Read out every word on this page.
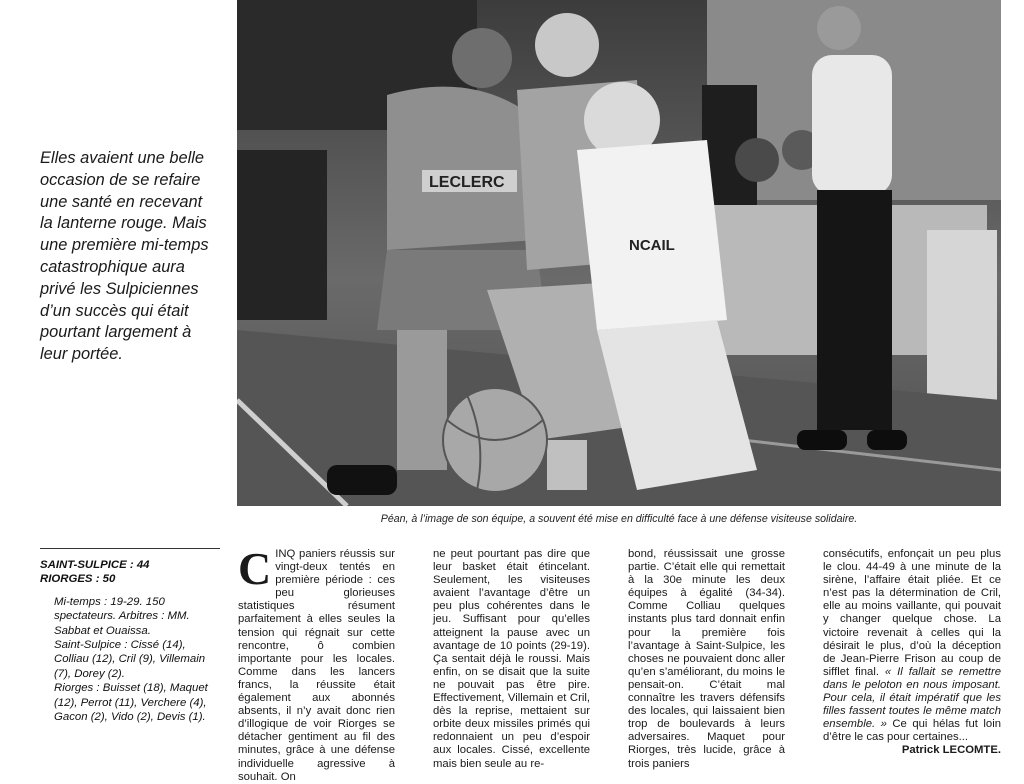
Elles avaient une belle occasion de se refaire une santé en recevant la lanterne rouge. Mais une première mi-temps catastrophique aura privé les Sulpiciennes d’un succès qui était pourtant largement à leur portée.
LECLERC
NCAIL
Péan, à l’image de son équipe, a souvent été mise en difficulté face à une défense visiteuse solidaire.
SAINT-SULPICE : 44
RIORGES : 50

Mi-temps : 19-29. 150 spectateurs. Arbitres : MM. Sabbat et Ouaissa.

Saint-Sulpice : Cissé (14), Colliau (12), Cril (9), Villemain (7), Dorey (2).

Riorges : Buisset (18), Maquet (12), Perrot (11), Verchere (4), Gacon (2), Vido (2), Devis (1).

CINQ paniers réussis sur vingt-deux tentés en première période : ces peu glorieuses statistiques résument parfaitement à elles seules la tension qui régnait sur cette rencontre, ô combien importante pour les locales. Comme dans les lancers francs, la réussite était également aux abonnés absents, il n’y avait donc rien d’illogique de voir Riorges se détacher gentiment au fil des minutes, grâce à une défense individuelle agressive à souhait. On
ne peut pourtant pas dire que leur basket était étincelant. Seulement, les visiteuses avaient l’avantage d’être un peu plus cohérentes dans le jeu. Suffisant pour qu’elles atteignent la pause avec un avantage de 10 points (29-19). Ça sentait déjà le roussi. Mais enfin, on se disait que la suite ne pouvait pas être pire. Effectivement, Villemain et Cril, dès la reprise, mettaient sur orbite deux missiles primés qui redonnaient un peu d’espoir aux locales. Cissé, excellente mais bien seule au re-
bond, réussissait une grosse partie. C’était elle qui remettait à la 30e minute les deux équipes à égalité (34-34). Comme Colliau quelques instants plus tard donnait enfin pour la première fois l’avantage à Saint-Sulpice, les choses ne pouvaient donc aller qu’en s’améliorant, du moins le pensait-on. C’était mal connaître les travers défensifs des locales, qui laissaient bien trop de boulevards à leurs adversaires. Maquet pour Riorges, très lucide, grâce à trois paniers
consécutifs, enfonçait un peu plus le clou. 44-49 à une minute de la sirène, l’affaire était pliée. Et ce n’est pas la détermination de Cril, elle au moins vaillante, qui pouvait y changer quelque chose. La victoire revenait à celles qui la désirait le plus, d’où la déception de Jean-Pierre Frison au coup de sifflet final. « Il fallait se remettre dans le peloton en nous imposant. Pour cela, il était impératif que les filles fassent toutes le même match ensemble. » Ce qui hélas fut loin d’être le cas pour certaines...
Patrick LECOMTE.
